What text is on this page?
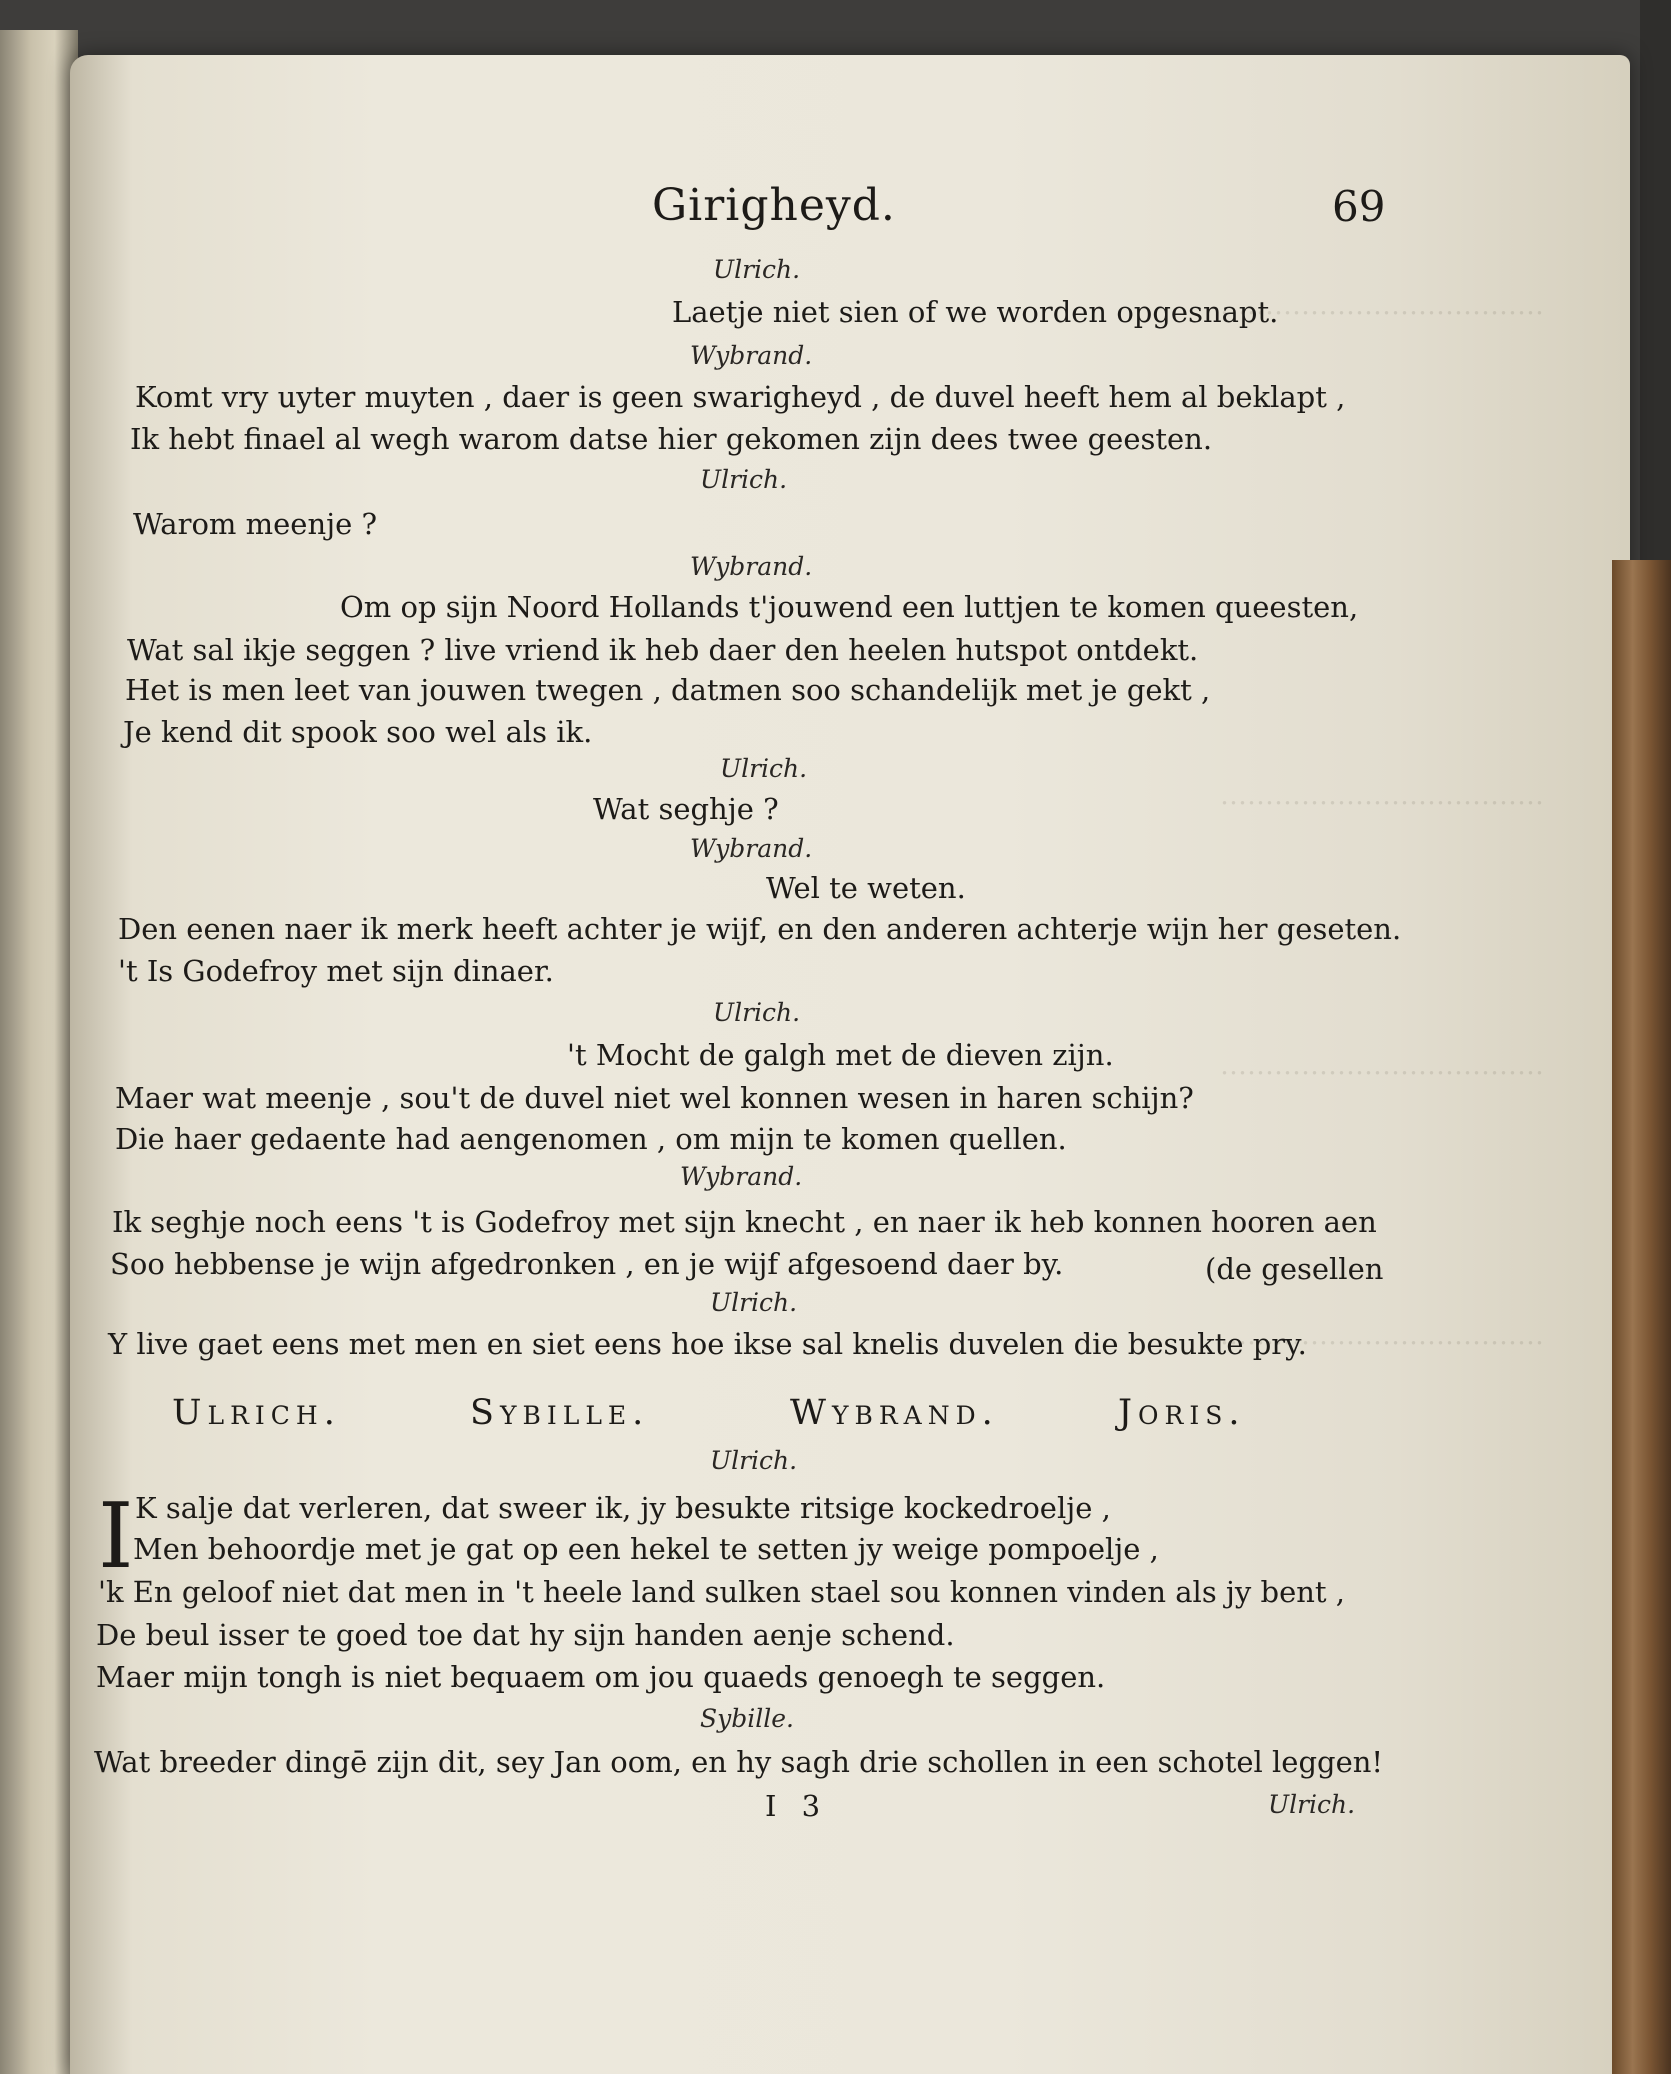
………………………………
………………………………
………………………………
………………………………
Girigheyd.	69
Ulrich.
Laetje niet sien of we worden opgesnapt.
Wybrand.
Komt vry uyter muyten , daer is geen swarigheyd , de duvel heeft hem al beklapt ,
Ik hebt finael al wegh warom datse hier gekomen zijn dees twee geesten.
Ulrich.
Warom meenje ?
Wybrand.
Om op sijn Noord Hollands t'jouwend een luttjen te komen queesten,
Wat sal ikje seggen ? live vriend ik heb daer den heelen hutspot ontdekt.
Het is men leet van jouwen twegen , datmen soo schandelijk met je gekt ,
Je kend dit spook soo wel als ik.
Ulrich.
Wat seghje ?
Wybrand.
Wel te weten.
Den eenen naer ik merk heeft achter je wijf, en den anderen achterje wijn her geseten.
't Is Godefroy met sijn dinaer.
Ulrich.
't Mocht de galgh met de dieven zijn.
Maer wat meenje , sou't de duvel niet wel konnen wesen in haren schijn?
Die haer gedaente had aengenomen , om mijn te komen quellen.
Wybrand.
Ik seghje noch eens 't is Godefroy met sijn knecht , en naer ik heb konnen hooren aen
Soo hebbense je wijn afgedronken , en je wijf afgesoend daer by.	(de gesellen
Ulrich.
Y live gaet eens met men en siet eens hoe ikse sal knelis duvelen die besukte pry.
Ulrich.	Sybille.	Wybrand.	Joris.
Ulrich.
I K salje dat verleren, dat sweer ik, jy besukte ritsige kockedroelje ,
Men behoordje met je gat op een hekel te setten jy weige pompoelje ,
'k En geloof niet dat men in 't heele land sulken stael sou konnen vinden als jy bent ,
De beul isser te goed toe dat hy sijn handen aenje schend.
Maer mijn tongh is niet bequaem om jou quaeds genoegh te seggen.
Sybille.
Wat breeder dingē zijn dit, sey Jan oom, en hy sagh drie schollen in een schotel leggen!
I 3	Ulrich.
